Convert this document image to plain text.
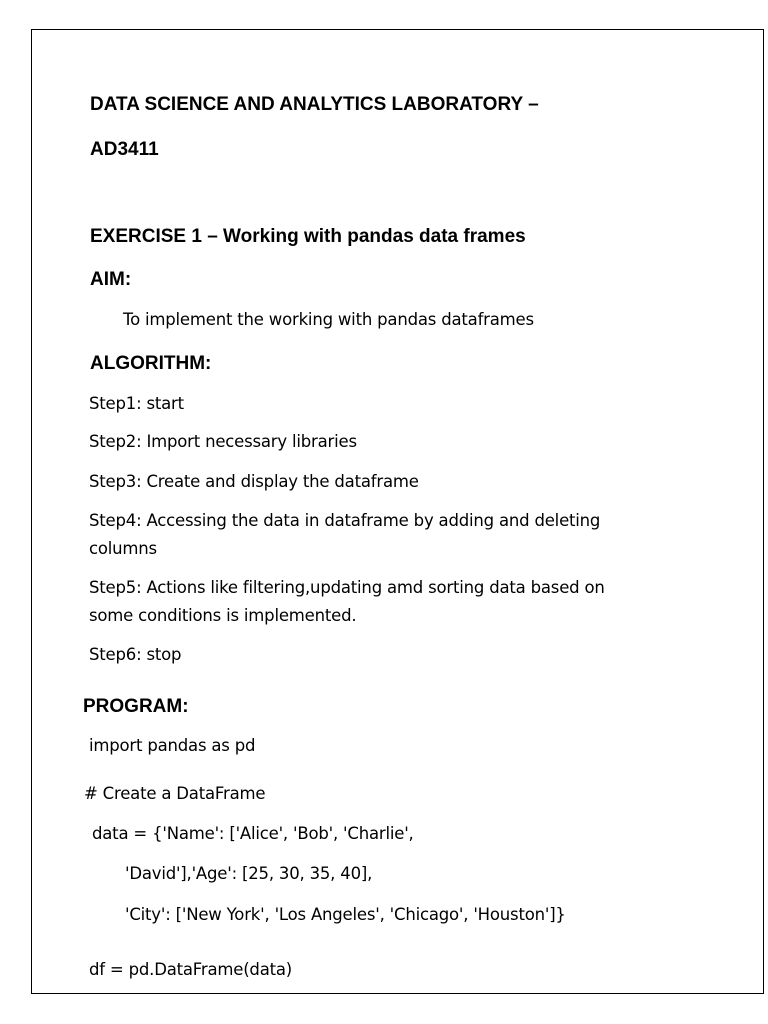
DATA SCIENCE AND ANALYTICS LABORATORY –
AD3411
EXERCISE 1 – Working with pandas data frames
AIM:
To implement the working with pandas dataframes
ALGORITHM:
Step1: start
Step2: Import necessary libraries
Step3: Create and display the dataframe
Step4: Accessing the data in dataframe by adding and deleting columns
Step5: Actions like filtering,updating amd sorting data based on some conditions is implemented.
Step6: stop
PROGRAM:
import pandas as pd
# Create a DataFrame
data = {'Name': ['Alice', 'Bob', 'Charlie',
'David'],'Age': [25, 30, 35, 40],
'City': ['New York', 'Los Angeles', 'Chicago', 'Houston']}
df = pd.DataFrame(data)
